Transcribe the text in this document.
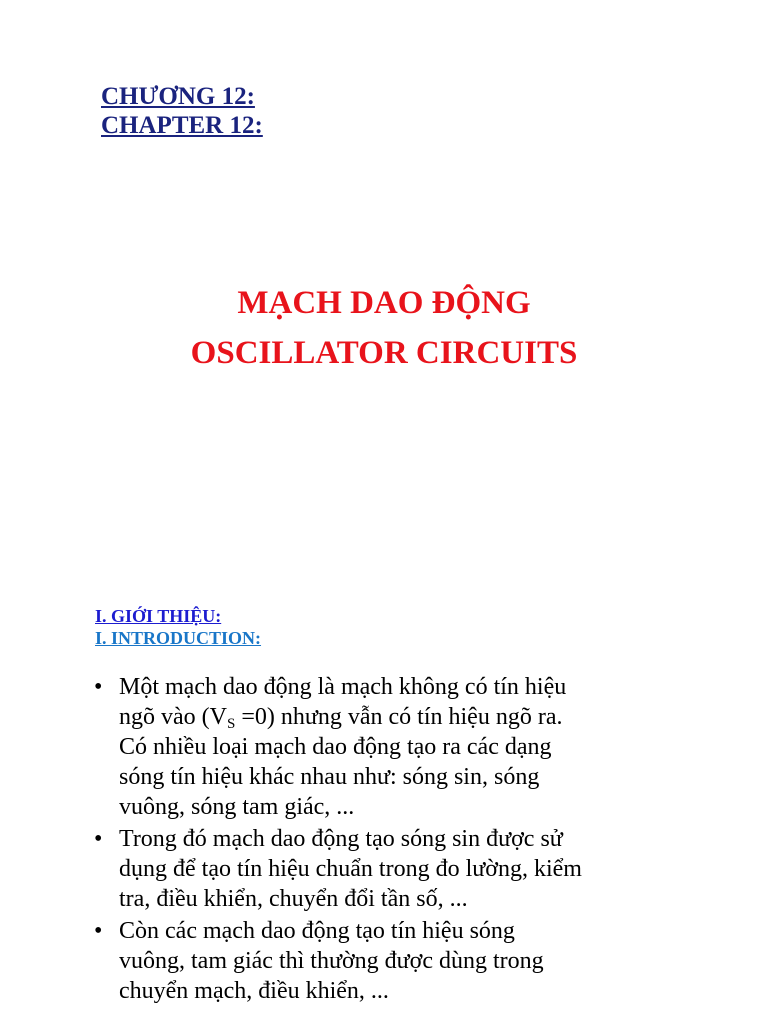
CHƯƠNG 12:
CHAPTER 12:
MẠCH DAO ĐỘNG
OSCILLATOR CIRCUITS
I. GIỚI THIỆU:
I. INTRODUCTION:
• Một mạch dao động là mạch không có tín hiệu
ngõ vào $(V_S =0)$ nhưng vẫn có tín hiệu ngõ ra.
Có nhiều loại mạch dao động tạo ra các dạng
sóng tín hiệu khác nhau như: sóng sin, sóng
vuông, sóng tam giác, ...
• Trong đó mạch dao động tạo sóng sin được sử
dụng để tạo tín hiệu chuẩn trong đo lường, kiểm
tra, điều khiển, chuyển đổi tần số, ...
• Còn các mạch dao động tạo tín hiệu sóng
vuông, tam giác thì thường được dùng trong
chuyển mạch, điều khiển, ...
